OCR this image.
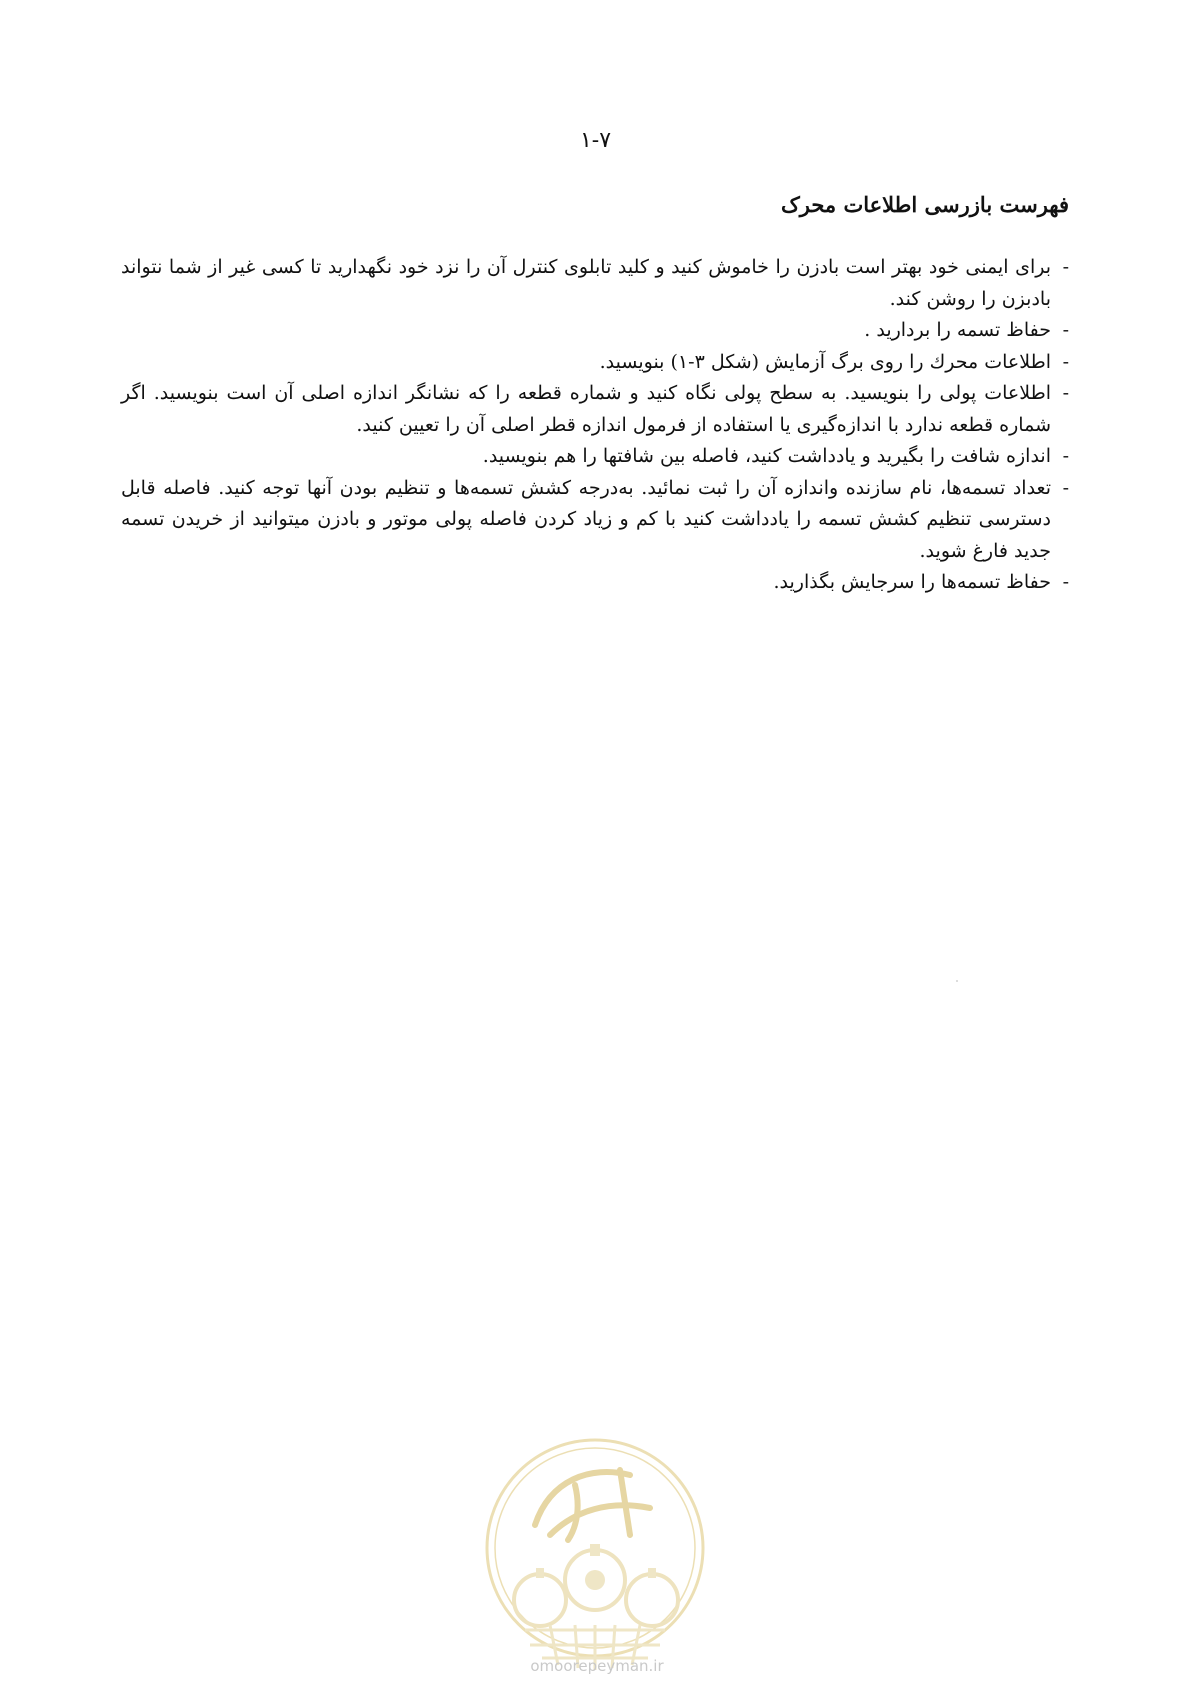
۱-۷
فهرست بازرسی اطلاعات محرک
-
برای ایمنی خود بهتر است بادزن را خاموش کنید و کلید تابلوی کنترل آن را نزد خود نگهدارید تا کسی غیر از شما نتواند بادبزن را روشن کند.
-
حفاظ تسمه را بردارید .
-
اطلاعات محرك را روی برگ آزمایش (شکل ۳-۱) بنویسید.
-
اطلاعات پولی را بنویسید. به سطح پولی نگاه کنید و شماره قطعه را که نشانگر اندازه اصلی آن است بنویسید. اگر شماره قطعه ندارد با اندازه‌گیری یا استفاده از فرمول اندازه قطر اصلی آن را تعیین کنید.
-
اندازه شافت را بگیرید و یادداشت کنید، فاصله بین شافتها را هم بنویسید.
-
تعداد تسمه‌ها، نام سازنده واندازه آن را ثبت نمائید. به‌درجه کشش تسمه‌ها و تنظیم بودن آنها توجه کنید. فاصله قابل دسترسی تنظیم کشش تسمه را یادداشت کنید با کم و زیاد کردن فاصله پولی موتور و بادزن میتوانید از خریدن تسمه جدید فارغ شوید.
-
حفاظ تسمه‌ها را سرجایش بگذارید.
omoorepeyman.ir
